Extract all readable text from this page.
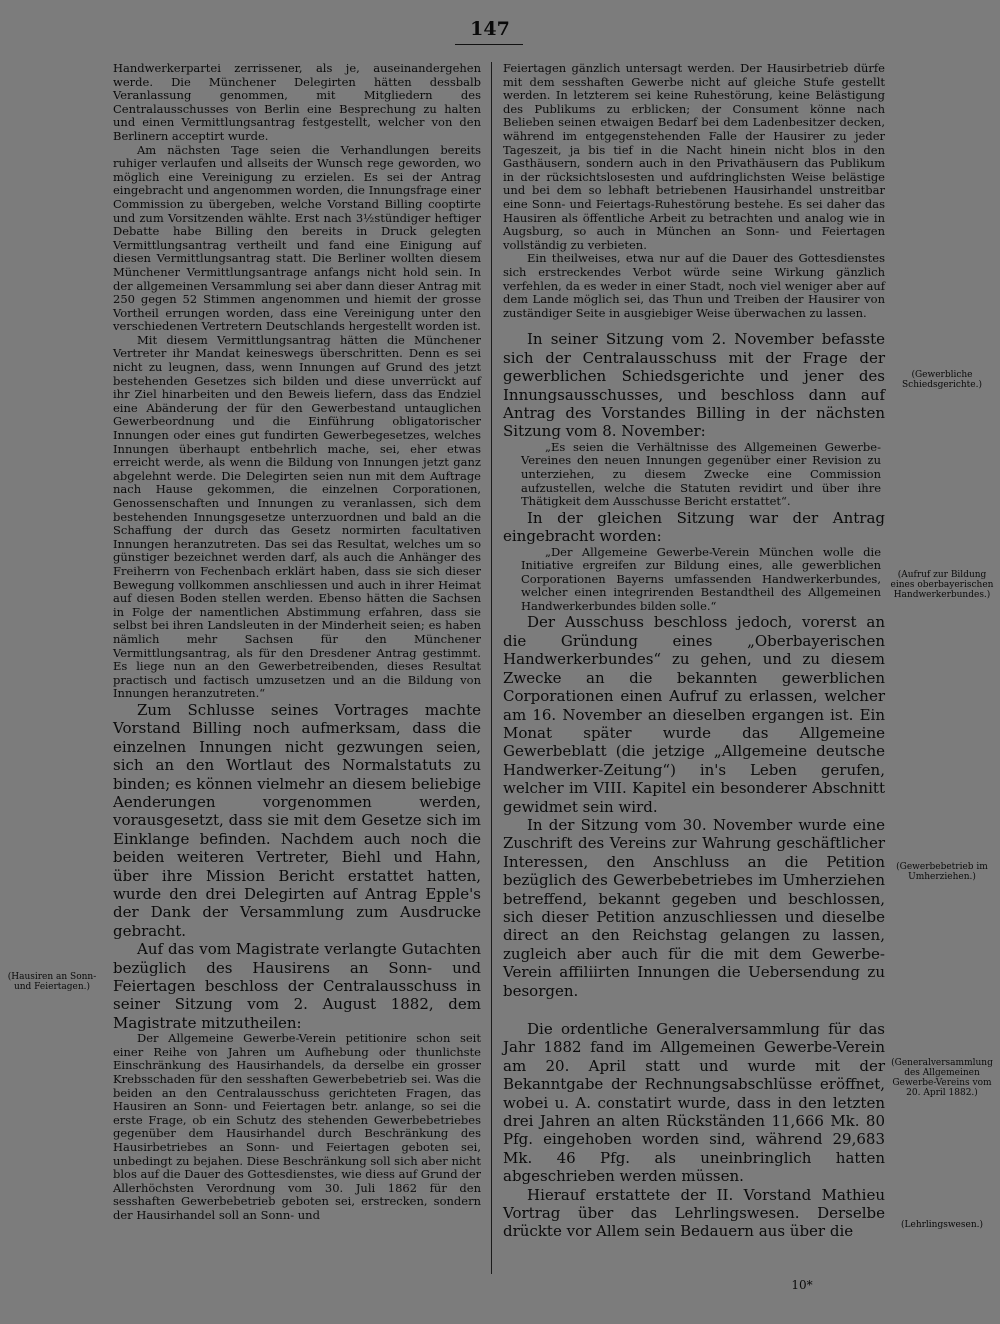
147

Handwerkerpartei zerrissener, als je, auseinandergehen werde. Die Münchener Delegirten hätten dessbalb Veranlassung genommen, mit Mitgliedern des Centralausschusses von Berlin eine Besprechung zu halten und einen Vermittlungsantrag festgestellt, welcher von den Berlinern acceptirt wurde.

Am nächsten Tage seien die Verhandlungen bereits ruhiger verlaufen und allseits der Wunsch rege geworden, wo möglich eine Vereinigung zu erzielen. Es sei der Antrag eingebracht und angenommen worden, die Innungsfrage einer Commission zu übergeben, welche Vorstand Billing cooptirte und zum Vorsitzenden wählte. Erst nach 3½stündiger heftiger Debatte habe Billing den bereits in Druck gelegten Vermittlungsantrag vertheilt und fand eine Einigung auf diesen Vermittlungsantrag statt. Die Berliner wollten diesem Münchener Vermittlungsantrage anfangs nicht hold sein. In der allgemeinen Versammlung sei aber dann dieser Antrag mit 250 gegen 52 Stimmen angenommen und hiemit der grosse Vortheil errungen worden, dass eine Vereinigung unter den verschiedenen Vertretern Deutschlands hergestellt worden ist.

Mit diesem Vermittlungsantrag hätten die Münchener Vertreter ihr Mandat keineswegs überschritten. Denn es sei nicht zu leugnen, dass, wenn Innungen auf Grund des jetzt bestehenden Gesetzes sich bilden und diese unverrückt auf ihr Ziel hinarbeiten und den Beweis liefern, dass das Endziel eine Abänderung der für den Gewerbestand untauglichen Gewerbeordnung und die Einführung obligatorischer Innungen oder eines gut fundirten Gewerbegesetzes, welches Innungen überhaupt entbehrlich mache, sei, eher etwas erreicht werde, als wenn die Bildung von Innungen jetzt ganz abgelehnt werde. Die Delegirten seien nun mit dem Auftrage nach Hause gekommen, die einzelnen Corporationen, Genossenschaften und Innungen zu veranlassen, sich dem bestehenden Innungsgesetze unterzuordnen und bald an die Schaffung der durch das Gesetz normirten facultativen Innungen heranzutreten. Das sei das Resultat, welches um so günstiger bezeichnet werden darf, als auch die Anhänger des Freiherrn von Fechenbach erklärt haben, dass sie sich dieser Bewegung vollkommen anschliessen und auch in ihrer Heimat auf diesen Boden stellen werden. Ebenso hätten die Sachsen in Folge der namentlichen Abstimmung erfahren, dass sie selbst bei ihren Landsleuten in der Minderheit seien; es haben nämlich mehr Sachsen für den Münchener Vermittlungsantrag, als für den Dresdener Antrag gestimmt. Es liege nun an den Gewerbetreibenden, dieses Resultat practisch und factisch umzusetzen und an die Bildung von Innungen heranzutreten.“

Zum Schlusse seines Vortrages machte Vorstand Billing noch aufmerksam, dass die einzelnen Innungen nicht gezwungen seien, sich an den Wortlaut des Normalstatuts zu binden; es können vielmehr an diesem beliebige Aenderungen vorgenommen werden, vorausgesetzt, dass sie mit dem Gesetze sich im Einklange befinden. Nachdem auch noch die beiden weiteren Vertreter, Biehl und Hahn, über ihre Mission Bericht erstattet hatten, wurde den drei Delegirten auf Antrag Epple's der Dank der Versammlung zum Ausdrucke gebracht.

Auf das vom Magistrate verlangte Gutachten bezüglich des Hausirens an Sonn- und Feiertagen beschloss der Centralausschuss in seiner Sitzung vom 2. August 1882, dem Magistrate mitzutheilen:

Der Allgemeine Gewerbe-Verein petitionire schon seit einer Reihe von Jahren um Aufhebung oder thunlichste Einschränkung des Hausirhandels, da derselbe ein grosser Krebsschaden für den sesshaften Gewerbebetrieb sei. Was die beiden an den Centralausschuss gerichteten Fragen, das Hausiren an Sonn- und Feiertagen betr. anlange, so sei die erste Frage, ob ein Schutz des stehenden Gewerbebetriebes gegenüber dem Hausirhandel durch Beschränkung des Hausirbetriebes an Sonn- und Feiertagen geboten sei, unbedingt zu bejahen. Diese Beschränkung soll sich aber nicht blos auf die Dauer des Gottesdienstes, wie diess auf Grund der Allerhöchsten Verordnung vom 30. Juli 1862 für den sesshaften Gewerbebetrieb geboten sei, erstrecken, sondern der Hausirhandel soll an Sonn- und

Feiertagen gänzlich untersagt werden. Der Hausirbetrieb dürfe mit dem sesshaften Gewerbe nicht auf gleiche Stufe gestellt werden. In letzterem sei keine Ruhestörung, keine Belästigung des Publikums zu erblicken; der Consument könne nach Belieben seinen etwaigen Bedarf bei dem Ladenbesitzer decken, während im entgegenstehenden Falle der Hausirer zu jeder Tageszeit, ja bis tief in die Nacht hinein nicht blos in den Gasthäusern, sondern auch in den Privathäusern das Publikum in der rücksichtslosesten und aufdringlichsten Weise belästige und bei dem so lebhaft betriebenen Hausirhandel unstreitbar eine Sonn- und Feiertags-Ruhestörung bestehe. Es sei daher das Hausiren als öffentliche Arbeit zu betrachten und analog wie in Augsburg, so auch in München an Sonn- und Feiertagen vollständig zu verbieten.

Ein theilweises, etwa nur auf die Dauer des Gottesdienstes sich erstreckendes Verbot würde seine Wirkung gänzlich verfehlen, da es weder in einer Stadt, noch viel weniger aber auf dem Lande möglich sei, das Thun und Treiben der Hausirer von zuständiger Seite in ausgiebiger Weise überwachen zu lassen.

In seiner Sitzung vom 2. November befasste sich der Centralausschuss mit der Frage der gewerblichen Schiedsgerichte und jener des Innungsausschusses, und beschloss dann auf Antrag des Vorstandes Billing in der nächsten Sitzung vom 8. November:

„Es seien die Verhältnisse des Allgemeinen Gewerbe-Vereines den neuen Innungen gegenüber einer Revision zu unterziehen, zu diesem Zwecke eine Commission aufzustellen, welche die Statuten revidirt und über ihre Thätigkeit dem Ausschusse Bericht erstattet“.

In der gleichen Sitzung war der Antrag eingebracht worden:

„Der Allgemeine Gewerbe-Verein München wolle die Initiative ergreifen zur Bildung eines, alle gewerblichen Corporationen Bayerns umfassenden Handwerkerbundes, welcher einen integrirenden Bestandtheil des Allgemeinen Handwerkerbundes bilden solle.“

Der Ausschuss beschloss jedoch, vorerst an die Gründung eines „Oberbayerischen Handwerkerbundes“ zu gehen, und zu diesem Zwecke an die bekannten gewerblichen Corporationen einen Aufruf zu erlassen, welcher am 16. November an dieselben ergangen ist. Ein Monat später wurde das Allgemeine Gewerbeblatt (die jetzige „Allgemeine deutsche Handwerker-Zeitung“) in's Leben gerufen, welcher im VIII. Kapitel ein besonderer Abschnitt gewidmet sein wird.

In der Sitzung vom 30. November wurde eine Zuschrift des Vereins zur Wahrung geschäftlicher Interessen, den Anschluss an die Petition bezüglich des Gewerbebetriebes im Umherziehen betreffend, bekannt gegeben und beschlossen, sich dieser Petition anzuschliessen und dieselbe direct an den Reichstag gelangen zu lassen, zugleich aber auch für die mit dem Gewerbe-Verein affiliirten Innungen die Uebersendung zu besorgen.

Die ordentliche Generalversammlung für das Jahr 1882 fand im Allgemeinen Gewerbe-Verein am 20. April statt und wurde mit der Bekanntgabe der Rechnungsabschlüsse eröffnet, wobei u. A. constatirt wurde, dass in den letzten drei Jahren an alten Rückständen 11,666 Mk. 80 Pfg. eingehoben worden sind, während 29,683 Mk. 46 Pfg. als uneinbringlich hatten abgeschrieben werden müssen.

Hierauf erstattete der II. Vorstand Mathieu Vortrag über das Lehrlingswesen. Derselbe drückte vor Allem sein Bedauern aus über die

(Hausiren an Sonn- und Feiertagen.)
(Gewerbliche Schiedsgerichte.)
(Aufruf zur Bildung eines oberbayerischen Handwerkerbundes.)
(Gewerbebetrieb im Umherziehen.)
(Generalversammlung des Allgemeinen Gewerbe-Vereins vom 20. April 1882.)
(Lehrlingswesen.)
10*
